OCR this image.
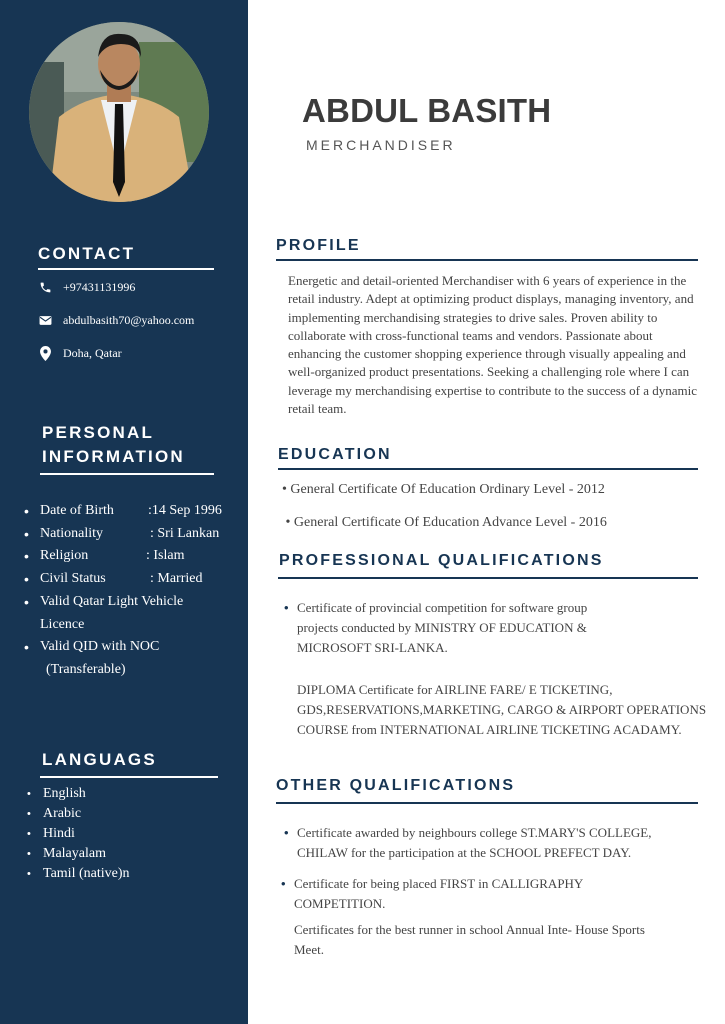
CONTACT
+97431131996
abdulbasith70@yahoo.com
Doha, Qatar
PERSONAL
INFORMATION
• Date of Birth :14 Sep 1996
• Nationality	: Sri Lankan
• Religion	: Islam
• Civil Status	: Married
• Valid Qatar Light Vehicle
Licence
• Valid QID with NOC
(Transferable)
LANGUAGS
• English
• Arabic
• Hindi
• Malayalam
• Tamil (native)n
ABDUL BASITH
MERCHANDISER
PROFILE
Energetic and detail-oriented Merchandiser with 6 years of experience in the retail industry. Adept at optimizing product displays, managing inventory, and implementing merchandising strategies to drive sales. Proven ability to collaborate with cross-functional teams and vendors. Passionate about enhancing the customer shopping experience through visually appealing and well-organized product presentations. Seeking a challenging role where I can leverage my merchandising expertise to contribute to the success of a dynamic retail team.
EDUCATION
• General Certificate Of Education Ordinary Level - 2012
• General Certificate Of Education Advance Level - 2016
PROFESSIONAL QUALIFICATIONS
• Certificate of provincial competition for software group
projects conducted by MINISTRY OF EDUCATION &
MICROSOFT SRI-LANKA.
• DIPLOMA Certificate for AIRLINE FARE/ E TICKETING,
GDS,RESERVATIONS,MARKETING, CARGO & AIRPORT OPERATIONS
COURSE from INTERNATIONAL AIRLINE TICKETING ACADAMY.
OTHER QUALIFICATIONS
• Certificate awarded by neighbours college ST.MARY'S COLLEGE,
CHILAW for the participation at the SCHOOL PREFECT DAY.
• Certificate for being placed FIRST in CALLIGRAPHY
COMPETITION.
• Certificates for the best runner in school Annual Inte- House Sports
Meet.
